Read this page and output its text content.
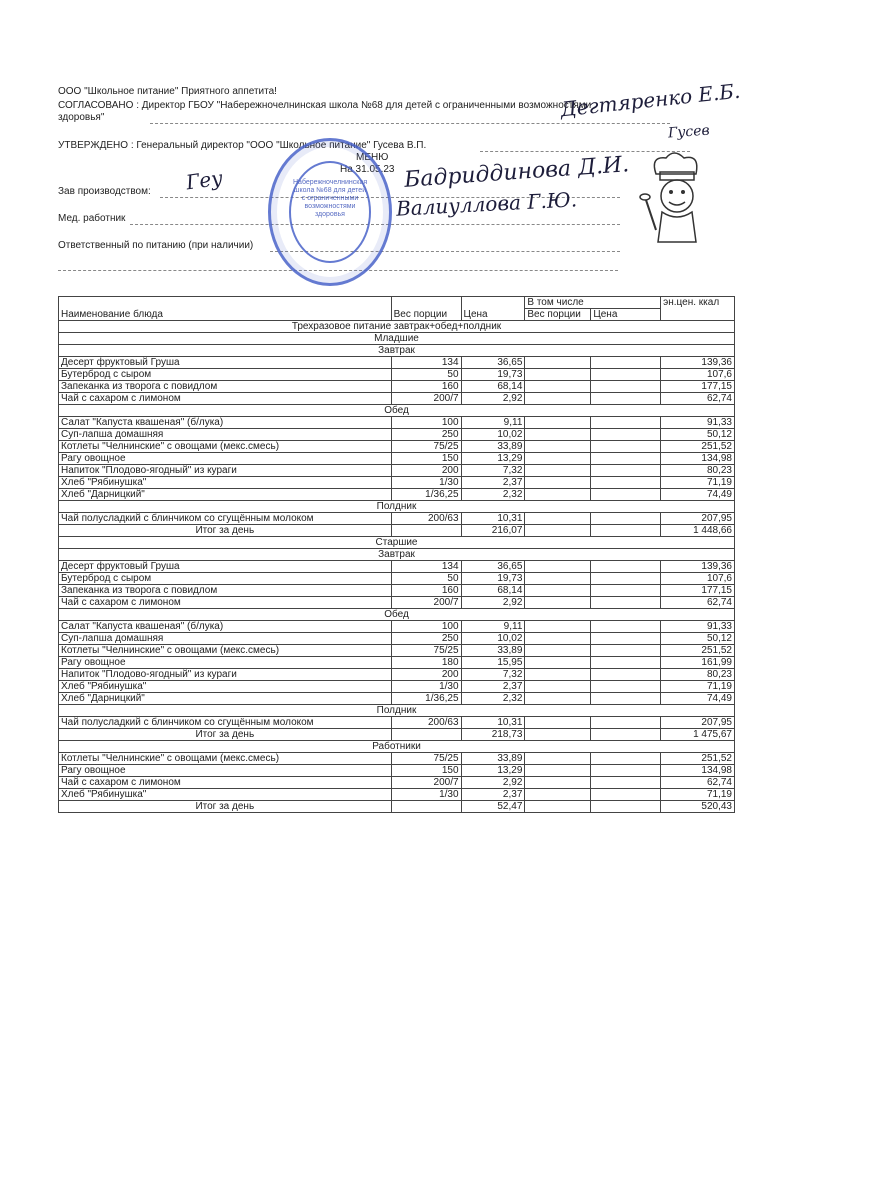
ООО "Школьное питание" Приятного аппетита!
СОГЛАСОВАНО : Директор ГБОУ "Набережночелнинская школа №68 для детей с ограниченными возможностями
здоровья"
УТВЕРЖДЕНО : Генеральный директор "ООО "Школьное питание" Гусева В.П.
МЕНЮ
На 31.05.23
Зав производством:
Мед. работник
Ответственный по питанию (при наличии)
Дегтяренко Е.Б.
Гусев
Бадриддинова Д.И.
Валиуллова Г.Ю.
Геу	Набережночелнинская школа №68 для детей с ограниченными возможностями здоровья
Наименование блюда	Вес порции	Цена	В том числе		эн.цен. ккал
			Вес порции	Цена	
Трехразовое питание завтрак+обед+полдник					
Младшие					
Завтрак					
Десерт фруктовый Груша	134	36,65			139,36
Бутерброд с сыром	50	19,73			107,6
Запеканка из творога с повидлом	160	68,14			177,15
Чай с сахаром с лимоном	200/7	2,92			62,74
Обед					
Салат "Капуста квашеная" (б/лука)	100	9,11			91,33
Суп-лапша домашняя	250	10,02			50,12
Котлеты "Челнинские" с овощами (мекс.смесь)	75/25	33,89			251,52
Рагу овощное	150	13,29			134,98
Напиток "Плодово-ягодный" из кураги	200	7,32			80,23
Хлеб "Рябинушка"	1/30	2,37			71,19
Хлеб "Дарницкий"	1/36,25	2,32			74,49
Полдник					
Чай полусладкий с блинчиком со сгущённым молоком	200/63	10,31			207,95
Итог за день		216,07			1 448,66
Старшие					
Завтрак					
Десерт фруктовый Груша	134	36,65			139,36
Бутерброд с сыром	50	19,73			107,6
Запеканка из творога с повидлом	160	68,14			177,15
Чай с сахаром с лимоном	200/7	2,92			62,74
Обед					
Салат "Капуста квашеная" (б/лука)	100	9,11			91,33
Суп-лапша домашняя	250	10,02			50,12
Котлеты "Челнинские" с овощами (мекс.смесь)	75/25	33,89			251,52
Рагу овощное	180	15,95			161,99
Напиток "Плодово-ягодный" из кураги	200	7,32			80,23
Хлеб "Рябинушка"	1/30	2,37			71,19
Хлеб "Дарницкий"	1/36,25	2,32			74,49
Полдник					
Чай полусладкий с блинчиком со сгущённым молоком	200/63	10,31			207,95
Итог за день		218,73			1 475,67
Работники					
Котлеты "Челнинские" с овощами (мекс.смесь)	75/25	33,89			251,52
Рагу овощное	150	13,29			134,98
Чай с сахаром с лимоном	200/7	2,92			62,74
Хлеб "Рябинушка"	1/30	2,37			71,19
Итог за день		52,47			520,43
